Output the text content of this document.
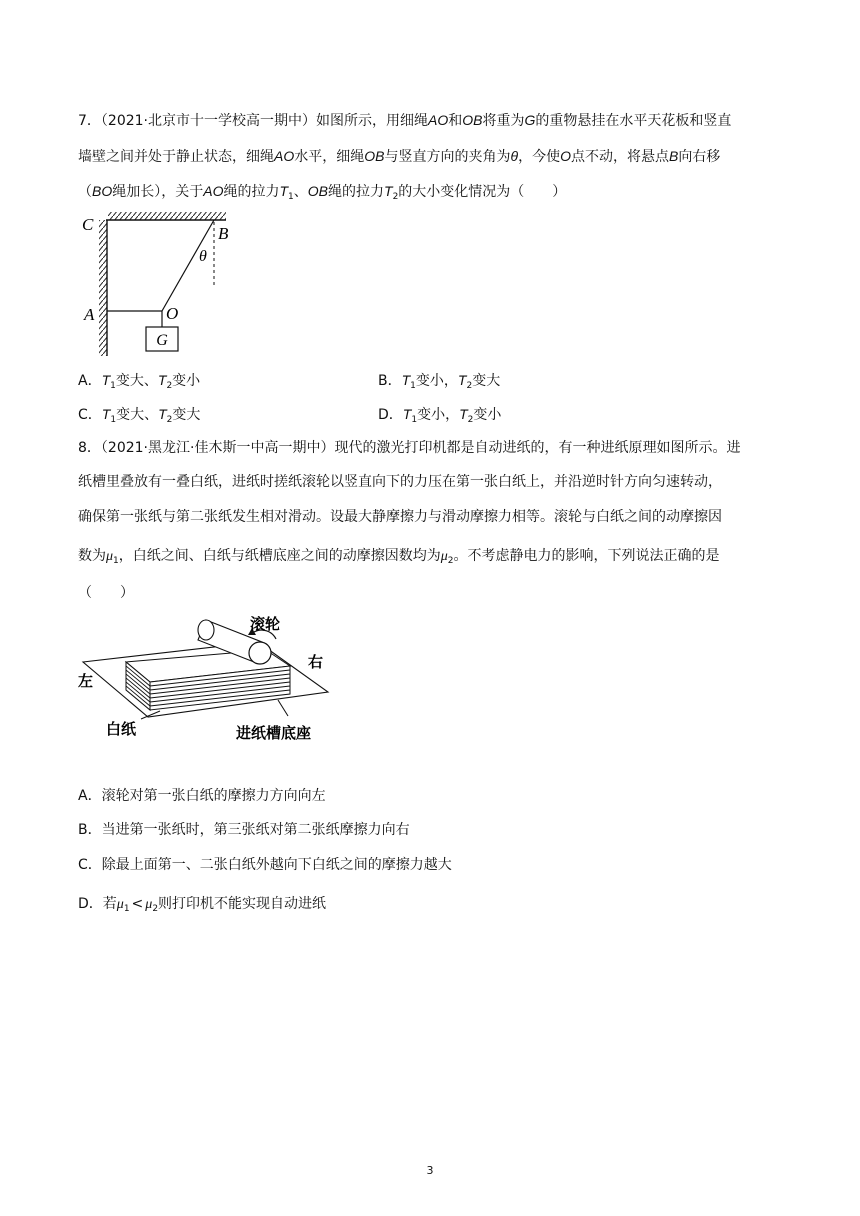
7．（2021·北京市十一学校高一期中）如图所示，用细绳AO和OB将重为G的重物悬挂在水平天花板和竖直
墙壁之间并处于静止状态，细绳AO水平，细绳OB与竖直方向的夹角为θ，今使O点不动，将悬点B向右移
（BO绳加长），关于AO绳的拉力$T_1$、OB绳的拉力$T_2$的大小变化情况为（　　）
G
C	B
A	O
θ
A．$T_1$变大、$T_2$变小	B．$T_1$变小，$T_2$变大
C．$T_1$变大、$T_2$变大	D．$T_1$变小，$T_2$变小
8．（2021·黑龙江·佳木斯一中高一期中）现代的激光打印机都是自动进纸的，有一种进纸原理如图所示。进
纸槽里叠放有一叠白纸，进纸时搓纸滚轮以竖直向下的力压在第一张白纸上，并沿逆时针方向匀速转动，
确保第一张纸与第二张纸发生相对滑动。设最大静摩擦力与滑动摩擦力相等。滚轮与白纸之间的动摩擦因
数为$\mu_1$，白纸之间、白纸与纸槽底座之间的动摩擦因数均为$\mu_2$。不考虑静电力的影响，下列说法正确的是
（　　）
滚轮
右
左
白纸	进纸槽底座
A．滚轮对第一张白纸的摩擦力方向向左
B．当进第一张纸时，第三张纸对第二张纸摩擦力向右
C．除最上面第一、二张白纸外越向下白纸之间的摩擦力越大
D．若$\mu_1 < \mu_2$则打印机不能实现自动进纸
3
